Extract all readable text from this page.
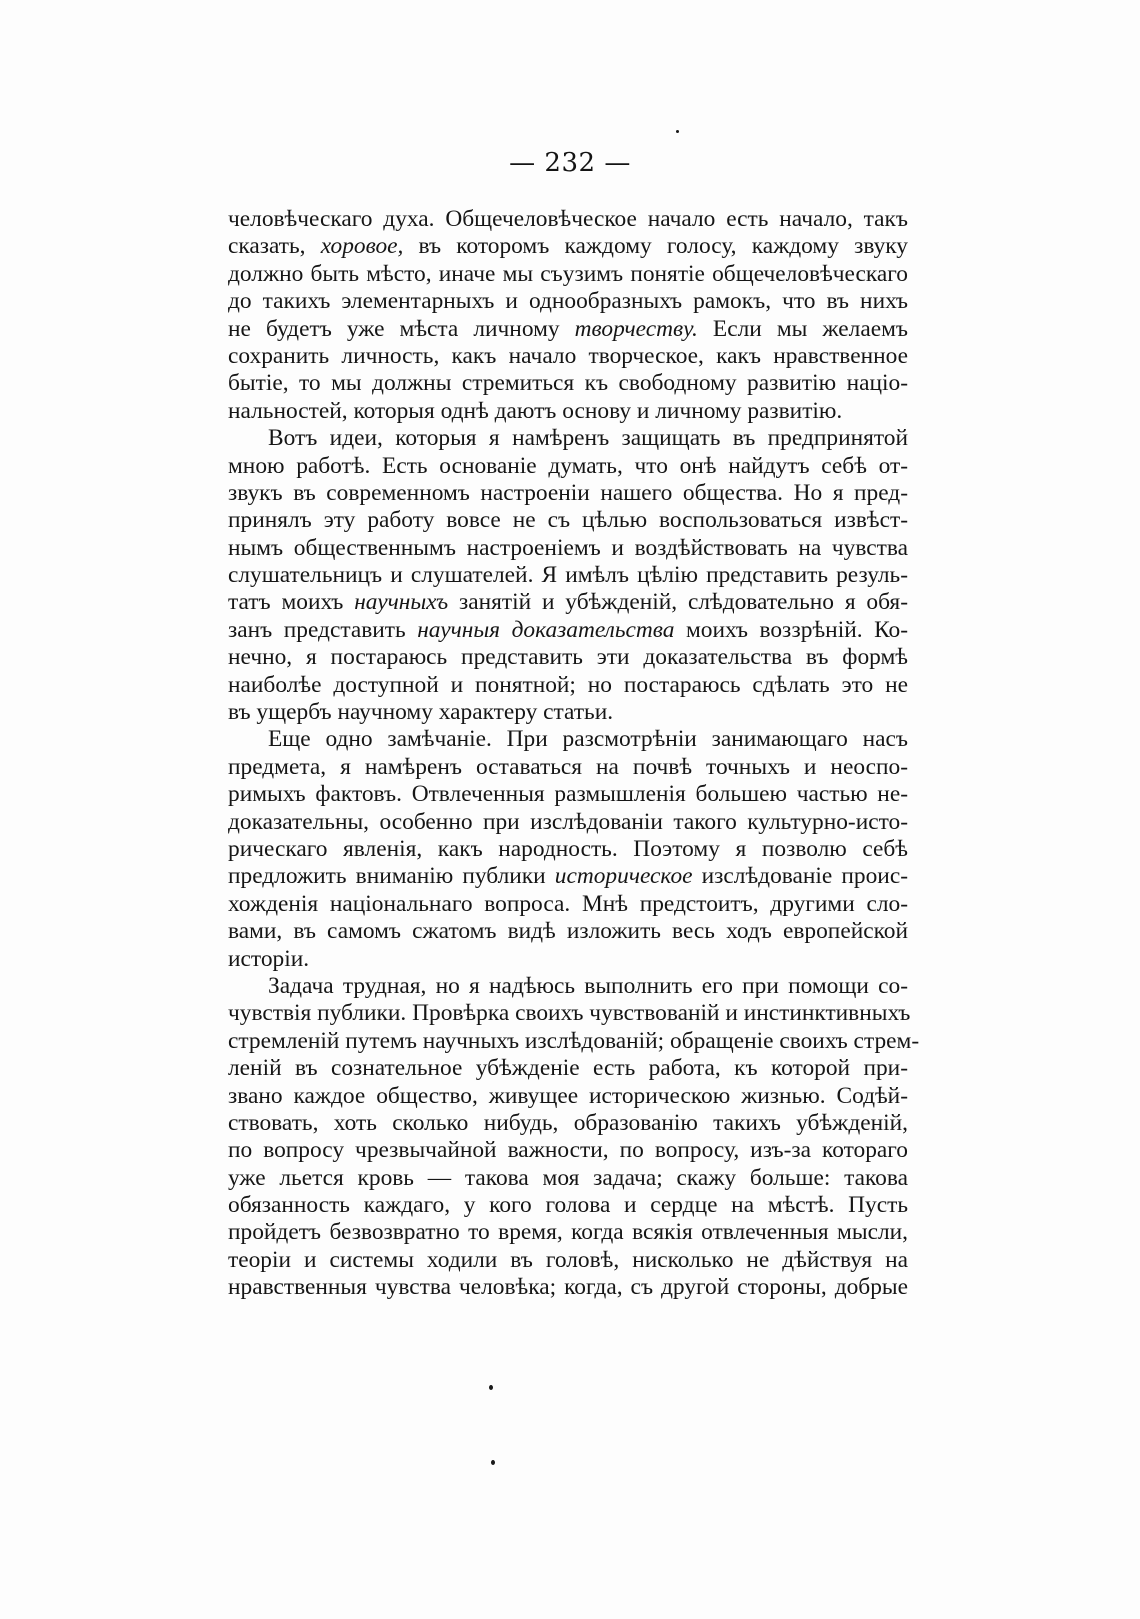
— 232 —
человѣческаго духа. Общечеловѣческое начало есть начало, такъ
сказать, хоровое, въ которомъ каждому голосу, каждому звуку
должно быть мѣсто, иначе мы съузимъ понятіе общечеловѣческаго
до такихъ элементарныхъ и однообразныхъ рамокъ, что въ нихъ
не будетъ уже мѣста личному творчеству. Если мы желаемъ
сохранить личность, какъ начало творческое, какъ нравственное
бытіе, то мы должны стремиться къ свободному развитію націо-
нальностей, которыя однѣ даютъ основу и личному развитію.
Вотъ идеи, которыя я намѣренъ защищать въ предпринятой
мною работѣ. Есть основаніе думать, что онѣ найдутъ себѣ от-
звукъ въ современномъ настроеніи нашего общества. Но я пред-
принялъ эту работу вовсе не съ цѣлью воспользоваться извѣст-
нымъ общественнымъ настроеніемъ и воздѣйствовать на чувства
слушательницъ и слушателей. Я имѣлъ цѣлію представить резуль-
татъ моихъ научныхъ занятій и убѣжденій, слѣдовательно я обя-
занъ представить научныя доказательства моихъ воззрѣній. Ко-
нечно, я постараюсь представить эти доказательства въ формѣ
наиболѣе доступной и понятной; но постараюсь сдѣлать это не
въ ущербъ научному характеру статьи.
Еще одно замѣчаніе. При разсмотрѣніи занимающаго насъ
предмета, я намѣренъ оставаться на почвѣ точныхъ и неоспо-
римыхъ фактовъ. Отвлеченныя размышленія большею частью не-
доказательны, особенно при изслѣдованіи такого культурно-исто-
рическаго явленія, какъ народность. Поэтому я позволю себѣ
предложить вниманію публики историческое изслѣдованіе проис-
хожденія національнаго вопроса. Мнѣ предстоитъ, другими сло-
вами, въ самомъ сжатомъ видѣ изложить весь ходъ европейской
исторіи.
Задача трудная, но я надѣюсь выполнить его при помощи со-
чувствія публики. Провѣрка своихъ чувствованій и инстинктивныхъ
стремленій путемъ научныхъ изслѣдованій; обращеніе своихъ стрем-
леній въ сознательное убѣжденіе есть работа, къ которой при-
звано каждое общество, живущее историческою жизнью. Содѣй-
ствовать, хоть сколько нибудь, образованію такихъ убѣжденій,
по вопросу чрезвычайной важности, по вопросу, изъ-за котораго
уже льется кровь — такова моя задача; скажу больше: такова
обязанность каждаго, у кого голова и сердце на мѣстѣ. Пусть
пройдетъ безвозвратно то время, когда всякія отвлеченныя мысли,
теоріи и системы ходили въ головѣ, нисколько не дѣйствуя на
нравственныя чувства человѣка; когда, съ другой стороны, добрые
